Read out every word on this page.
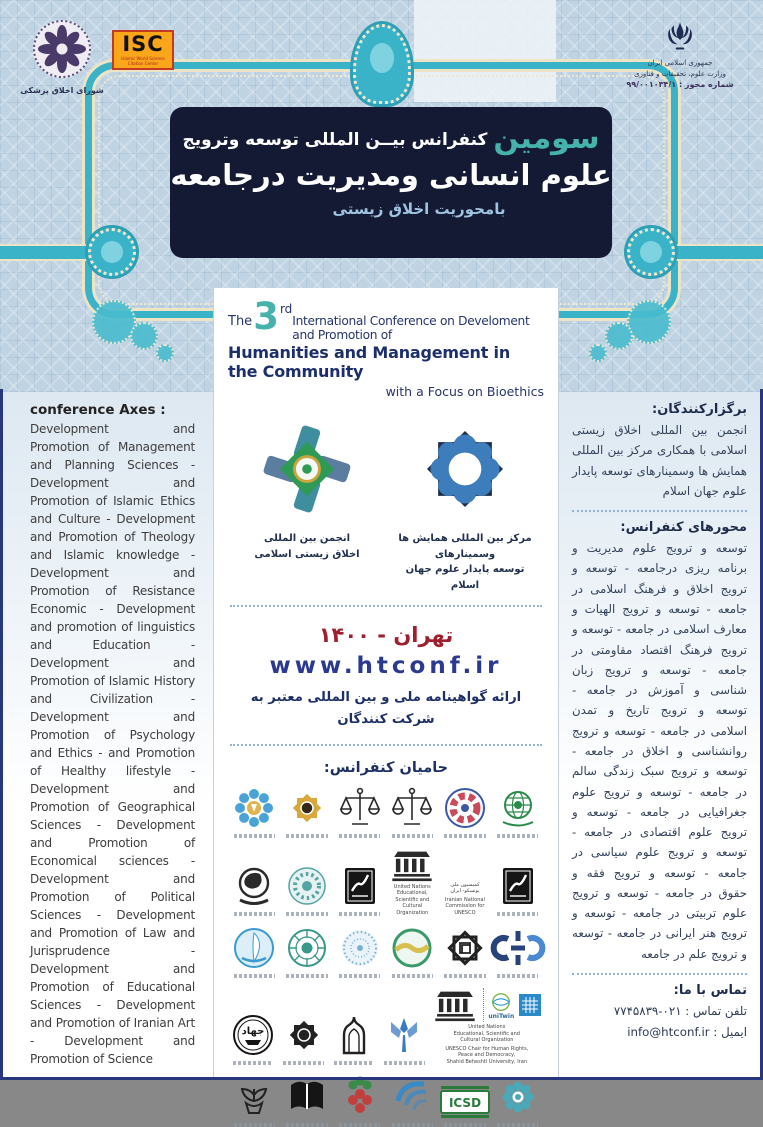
شورای اخلاق پزشکی
ISC
Islamic World Science Citation Center	جمهوری اسلامی ایران
وزارت علوم، تحقیقات و فناوری
شماره مجوز : ۹۹/۰۰۱۰۳۴/۱
سومین کنفرانس بیــن المللی توسعه وترویج
علوم انسانی ومدیریت درجامعه
بامحوریت اخلاق زیستی
conference Axes :

Development and Promotion of Management and Planning Sciences - Development and Promotion of Islamic Ethics and Culture - Development and Promotion of Theology and Islamic knowledge - Development and Promotion of Resistance Economic - Development and promotion of linguistics and Education - Development and Promotion of Islamic History and Civilization - Development and Promotion of Psychology and Ethics - and Promotion of Healthy lifestyle - Development and Promotion of Geographical Sciences - Development and Promotion of Economical sciences - Development and Promotion of Political Sciences - Development and Promotion of Law and Jurisprudence - Development and Promotion of Educational Sciences - Development and Promotion of Iranian Art - Development and Promotion of Science

برگزارکنندگان:

انجمن بین المللی اخلاق زیستی اسلامی با همکاری مرکز بین المللی همایش ها وسمینارهای توسعه پایدار علوم جهان اسلام

محورهای کنفرانس:

توسعه و ترویج علوم مدیریت و برنامه ریزی درجامعه - توسعه و ترویج اخلاق و فرهنگ اسلامی در جامعه - توسعه و ترویج الهیات و معارف اسلامی در جامعه - توسعه و ترویج فرهنگ اقتصاد مقاومتی در جامعه - توسعه و ترویج زبان شناسی و آموزش در جامعه - توسعه و ترویج تاریخ و تمدن اسلامی در جامعه - توسعه و ترویج روانشناسی و اخلاق در جامعه - توسعه و ترویج سبک زندگی سالم در جامعه - توسعه و ترویج علوم جغرافیایی در جامعه - توسعه و ترویج علوم اقتصادی در جامعه - توسعه و ترویج علوم سیاسی در جامعه - توسعه و ترویج فقه و حقوق در جامعه - توسعه و ترویج علوم تربیتی در جامعه - توسعه و ترویج هنر ایرانی در جامعه - توسعه و ترویج علم در جامعه

تماس با ما:

تلفن تماس : ۰۲۱-۷۷۴۵۸۳۹

ایمیل : info@htconf.ir

The 3 rd
International Conference on Develoment and Promotion of
Humanities and Management in the Community
with a Focus on Bioethics
انجمن بین المللی
اخلاق زیستی اسلامی
مرکز بین المللی همایش ها وسمینارهای
توسعه پایدار علوم جهان اسلام
تهران - ۱۴۰۰
www.htconf.ir
ارائه گواهینامه ملی و بین المللی معتبر به
شرکت کنندگان
حامیان کنفرانس:
United Nations
Educational, Scientific and
Cultural Organization
کمیسیون ملی
یونسکو- ایران
Iranian National
Commission for
UNESCO
جهاد
uniTwin
United Nations
Educational, Scientific and
Cultural Organization
UNESCO Chair for Human Rights,
Peace and Democracy,
Shahid Beheshti University, Iran
ICSD
